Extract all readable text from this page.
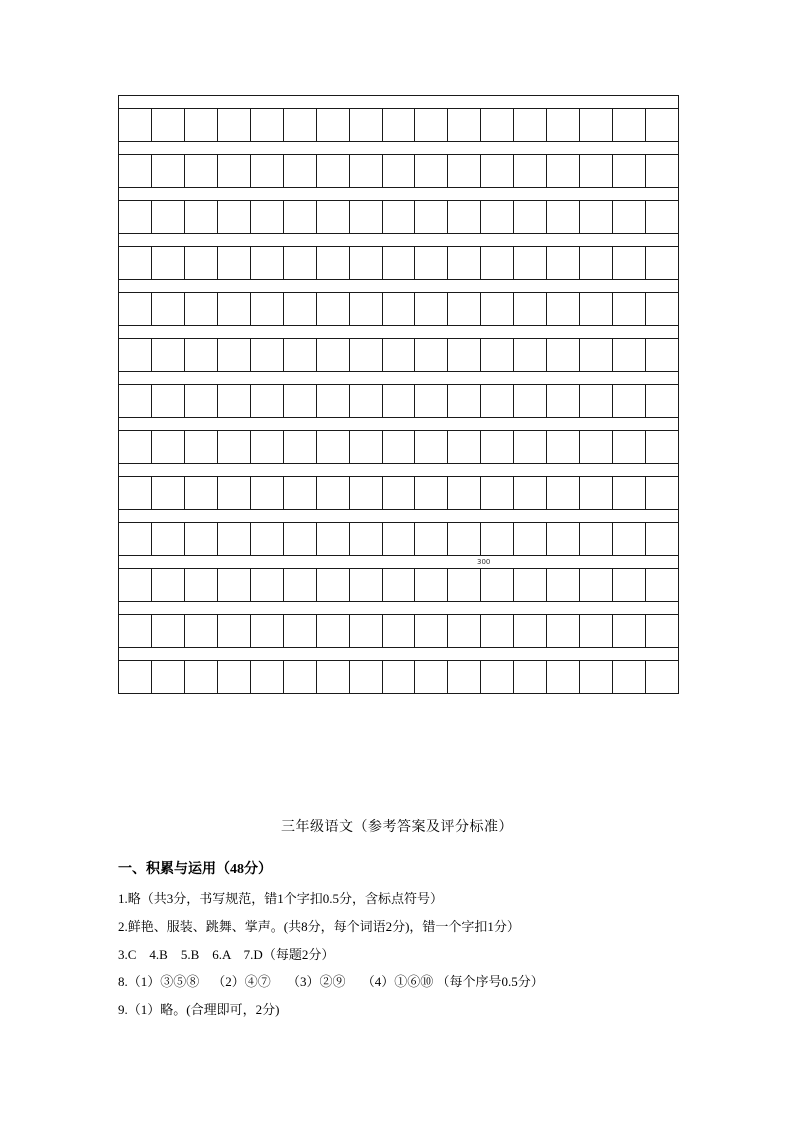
300
三年级语文（参考答案及评分标准）
一、积累与运用（48分）
1.略（共3分，书写规范，错1个字扣0.5分，含标点符号）
2.鲜艳、服装、跳舞、掌声。(共8分，每个词语2分)，错一个字扣1分）
3.C    4.B    5.B    6.A    7.D（每题2分）
8.（1）③⑤⑧    （2）④⑦     （3）②⑨     （4）①⑥⑩ （每个序号0.5分）
9.（1）略。(合理即可，2分)
